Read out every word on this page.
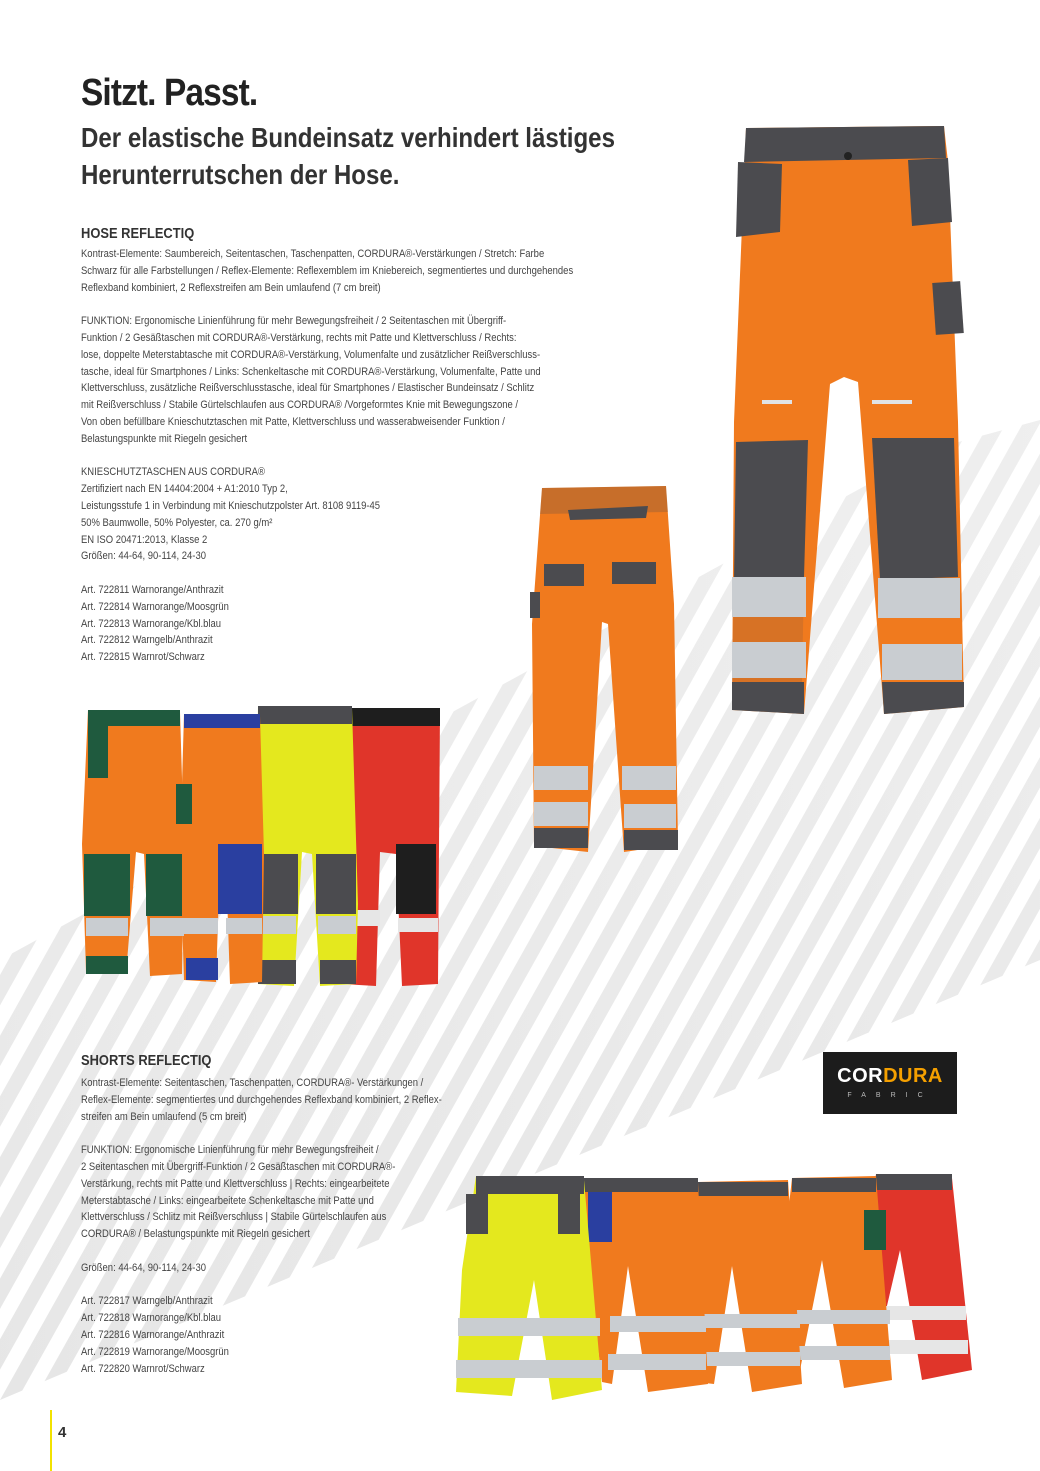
Sitzt. Passt.
Der elastische Bundeinsatz verhindert lästiges
Herunterrutschen der Hose.
HOSE REFLECTIQ

Kontrast-Elemente: Saumbereich, Seitentaschen, Taschenpatten, CORDURA®-Verstärkungen / Stretch: Farbe
Schwarz für alle Farbstellungen / Reflex-Elemente: Reflexemblem im Kniebereich, segmentiertes und durchgehendes
Reflexband kombiniert, 2 Reflexstreifen am Bein umlaufend (7 cm breit)

FUNKTION: Ergonomische Linienführung für mehr Bewegungsfreiheit / 2 Seitentaschen mit Übergriff-
Funktion / 2 Gesäßtaschen mit CORDURA®-Verstärkung, rechts mit Patte und Klettverschluss / Rechts:
lose, doppelte Meterstabtasche mit CORDURA®-Verstärkung, Volumenfalte und zusätzlicher Reißverschluss-
tasche, ideal für Smartphones / Links: Schenkeltasche mit CORDURA®-Verstärkung, Volumenfalte, Patte und
Klettverschluss, zusätzliche Reißverschlusstasche, ideal für Smartphones / Elastischer Bundeinsatz / Schlitz
mit Reißverschluss / Stabile Gürtelschlaufen aus CORDURA® /Vorgeformtes Knie mit Bewegungszone /
Von oben befüllbare Knieschutztaschen mit Patte, Klettverschluss und wasserabweisender Funktion /
Belastungspunkte mit Riegeln gesichert

KNIESCHUTZTASCHEN AUS CORDURA®
Zertifiziert nach EN 14404:2004 + A1:2010 Typ 2,
Leistungsstufe 1 in Verbindung mit Knieschutzpolster Art. 8108 9119-45
50% Baumwolle, 50% Polyester, ca. 270 g/m²
EN ISO 20471:2013, Klasse 2
Größen: 44-64, 90-114, 24-30

Art. 722811 Warnorange/Anthrazit
Art. 722814 Warnorange/Moosgrün
Art. 722813 Warnorange/Kbl.blau
Art. 722812 Warngelb/Anthrazit
Art. 722815 Warnrot/Schwarz

SHORTS REFLECTIQ

Kontrast-Elemente: Seitentaschen, Taschenpatten, CORDURA®- Verstärkungen /
Reflex-Elemente: segmentiertes und durchgehendes Reflexband kombiniert, 2 Reflex-
streifen am Bein umlaufend (5 cm breit)

FUNKTION: Ergonomische Linienführung für mehr Bewegungsfreiheit /
2 Seitentaschen mit Übergriff-Funktion / 2 Gesäßtaschen mit CORDURA®-
Verstärkung, rechts mit Patte und Klettverschluss | Rechts: eingearbeitete
Meterstabtasche / Links: eingearbeitete Schenkeltasche mit Patte und
Klettverschluss / Schlitz mit Reißverschluss | Stabile Gürtelschlaufen aus
CORDURA® / Belastungspunkte mit Riegeln gesichert

Größen: 44-64, 90-114, 24-30

Art. 722817 Warngelb/Anthrazit
Art. 722818 Warnorange/Kbl.blau
Art. 722816 Warnorange/Anthrazit
Art. 722819 Warnorange/Moosgrün
Art. 722820 Warnrot/Schwarz

CORDURA
FABRIC
4
